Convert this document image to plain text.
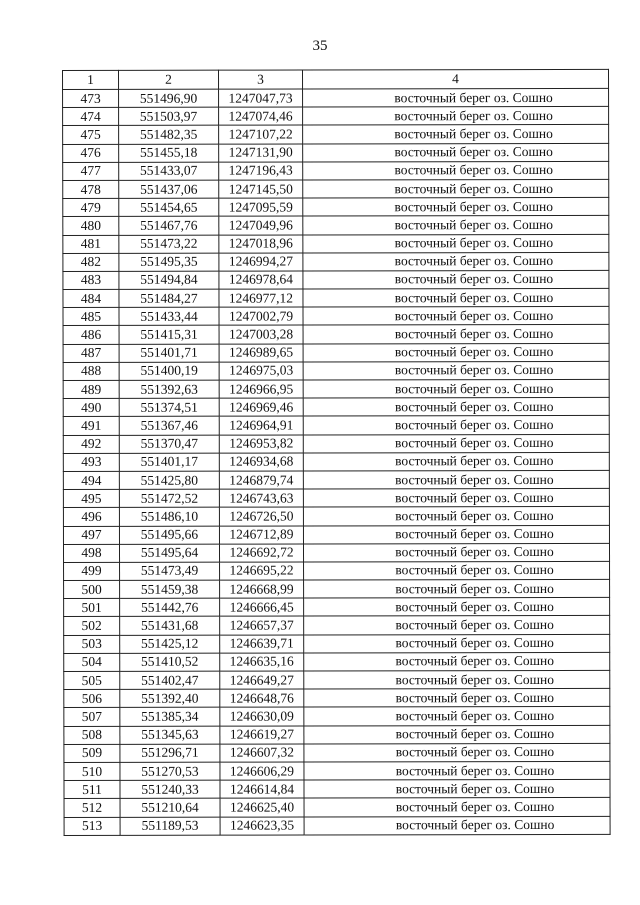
35
1	2	3	4
473	551496,90	1247047,73	восточный берег оз. Сошно
474	551503,97	1247074,46	восточный берег оз. Сошно
475	551482,35	1247107,22	восточный берег оз. Сошно
476	551455,18	1247131,90	восточный берег оз. Сошно
477	551433,07	1247196,43	восточный берег оз. Сошно
478	551437,06	1247145,50	восточный берег оз. Сошно
479	551454,65	1247095,59	восточный берег оз. Сошно
480	551467,76	1247049,96	восточный берег оз. Сошно
481	551473,22	1247018,96	восточный берег оз. Сошно
482	551495,35	1246994,27	восточный берег оз. Сошно
483	551494,84	1246978,64	восточный берег оз. Сошно
484	551484,27	1246977,12	восточный берег оз. Сошно
485	551433,44	1247002,79	восточный берег оз. Сошно
486	551415,31	1247003,28	восточный берег оз. Сошно
487	551401,71	1246989,65	восточный берег оз. Сошно
488	551400,19	1246975,03	восточный берег оз. Сошно
489	551392,63	1246966,95	восточный берег оз. Сошно
490	551374,51	1246969,46	восточный берег оз. Сошно
491	551367,46	1246964,91	восточный берег оз. Сошно
492	551370,47	1246953,82	восточный берег оз. Сошно
493	551401,17	1246934,68	восточный берег оз. Сошно
494	551425,80	1246879,74	восточный берег оз. Сошно
495	551472,52	1246743,63	восточный берег оз. Сошно
496	551486,10	1246726,50	восточный берег оз. Сошно
497	551495,66	1246712,89	восточный берег оз. Сошно
498	551495,64	1246692,72	восточный берег оз. Сошно
499	551473,49	1246695,22	восточный берег оз. Сошно
500	551459,38	1246668,99	восточный берег оз. Сошно
501	551442,76	1246666,45	восточный берег оз. Сошно
502	551431,68	1246657,37	восточный берег оз. Сошно
503	551425,12	1246639,71	восточный берег оз. Сошно
504	551410,52	1246635,16	восточный берег оз. Сошно
505	551402,47	1246649,27	восточный берег оз. Сошно
506	551392,40	1246648,76	восточный берег оз. Сошно
507	551385,34	1246630,09	восточный берег оз. Сошно
508	551345,63	1246619,27	восточный берег оз. Сошно
509	551296,71	1246607,32	восточный берег оз. Сошно
510	551270,53	1246606,29	восточный берег оз. Сошно
511	551240,33	1246614,84	восточный берег оз. Сошно
512	551210,64	1246625,40	восточный берег оз. Сошно
513	551189,53	1246623,35	восточный берег оз. Сошно
